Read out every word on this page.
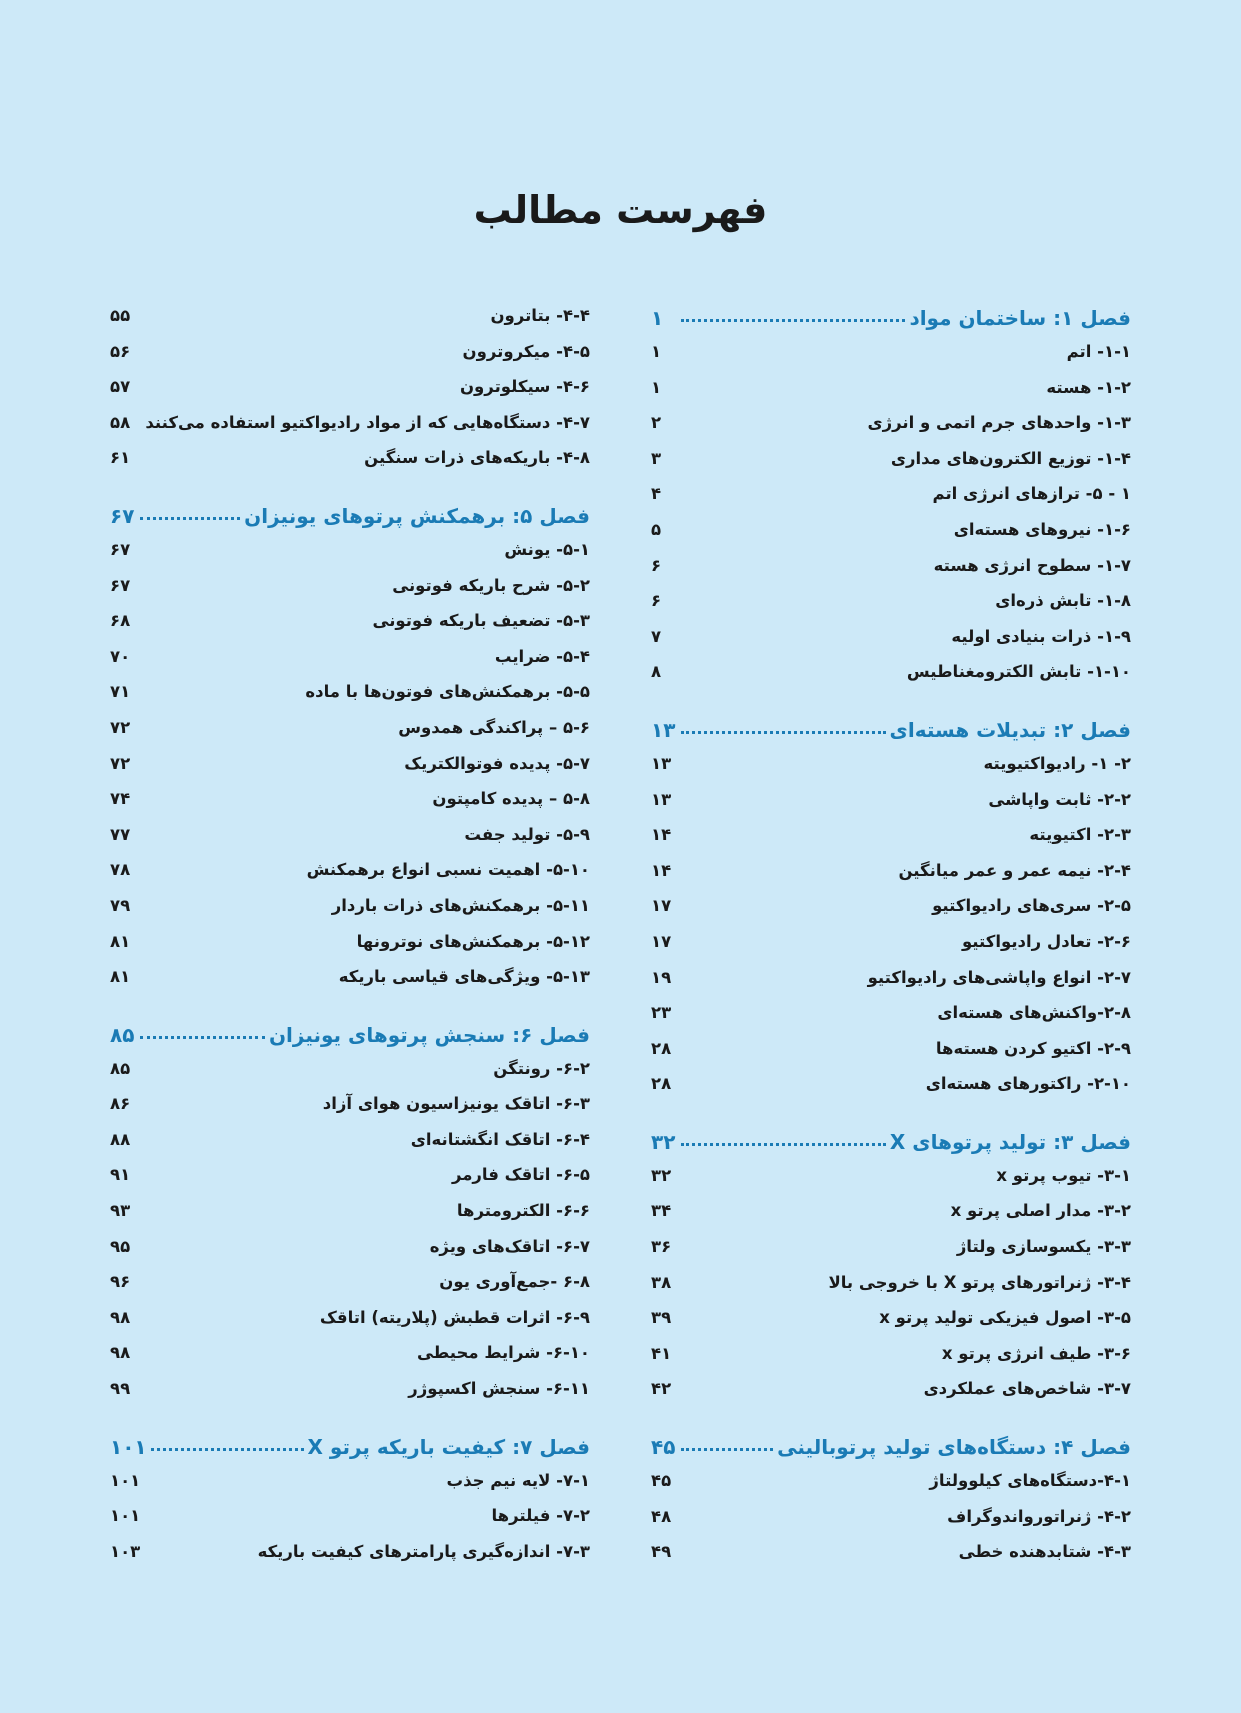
فهرست مطالب
فصل ۱: ساختمان مواد
۱
۱-۱- اتم
۱
۱-۲- هسته
۱
۱-۳- واحدهای جرم اتمی و انرژی
۲
۱-۴- توزیع الکترون‌های مداری
۳
۱ - ۵- ترازهای انرژی اتم
۴
۱-۶- نیروهای هسته‌ای
۵
۱-۷- سطوح انرژی هسته
۶
۱-۸- تابش ذره‌ای
۶
۱-۹- ذرات بنیادی اولیه
۷
۱-۱۰- تابش الکترومغناطیس
۸
فصل ۲: تبدیلات هسته‌ای
۱۳
۲- ۱- رادیواکتیویته
۱۳
۲-۲- ثابت واپاشی
۱۳
۲-۳- اکتیویته
۱۴
۲-۴- نیمه عمر و عمر میانگین
۱۴
۲-۵- سری‌های رادیواکتیو
۱۷
۲-۶- تعادل رادیواکتیو
۱۷
۲-۷- انواع واپاشی‌های رادیواکتیو
۱۹
۲-۸-واکنش‌های هسته‌ای
۲۳
۲-۹- اکتیو کردن هسته‌ها
۲۸
۲-۱۰- راکتورهای هسته‌ای
۲۸
فصل ۳: تولید پرتوهای X
۳۲
۳-۱- تیوب پرتو x
۳۲
۳-۲- مدار اصلی پرتو x
۳۴
۳-۳- یکسوسازی ولتاژ
۳۶
۳-۴- ژنراتورهای پرتو X با خروجی بالا
۳۸
۳-۵- اصول فیزیکی تولید پرتو x
۳۹
۳-۶- طیف انرژی پرتو x
۴۱
۳-۷- شاخص‌های عملکردی
۴۲
فصل ۴: دستگاه‌های تولید پرتوبالینی
۴۵
۴-۱-دستگاه‌های کیلوولتاژ
۴۵
۴-۲- ژنراتورواندوگراف
۴۸
۴-۳- شتابدهنده خطی
۴۹
۴-۴- بتاترون
۵۵
۴-۵- میکروترون
۵۶
۴-۶- سیکلوترون
۵۷
۴-۷- دستگاه‌هایی که از مواد رادیواکتیو استفاده می‌کنند
۵۸
۴-۸- باریکه‌های ذرات سنگین
۶۱
فصل ۵: برهمکنش پرتوهای یونیزان
۶۷
۵-۱- یونش
۶۷
۵-۲- شرح باریکه فوتونی
۶۷
۵-۳- تضعیف باریکه فوتونی
۶۸
۵-۴- ضرایب
۷۰
۵-۵- برهمکنش‌های فوتون‌ها با ماده
۷۱
۵-۶ – پراکندگی همدوس
۷۲
۵-۷- پدیده فوتوالکتریک
۷۲
۵-۸ – پدیده کامپتون
۷۴
۵-۹- تولید جفت
۷۷
۵-۱۰- اهمیت نسبی انواع برهمکنش
۷۸
۵-۱۱- برهمکنش‌های ذرات باردار
۷۹
۵-۱۲- برهمکنش‌های نوترونها
۸۱
۵-۱۳- ویژگی‌های قیاسی باریکه
۸۱
فصل ۶: سنجش پرتوهای یونیزان
۸۵
۶-۲- رونتگن
۸۵
۶-۳- اتاقک یونیزاسیون هوای آزاد
۸۶
۶-۴- اتاقک انگشتانه‌ای
۸۸
۶-۵- اتاقک فارمر
۹۱
۶-۶- الکترومترها
۹۳
۶-۷- اتاقک‌های ویژه
۹۵
۶-۸ -جمع‌آوری یون
۹۶
۶-۹- اثرات قطبش (پلاریته) اتاقک
۹۸
۶-۱۰- شرایط محیطی
۹۸
۶-۱۱- سنجش اکسپوژر
۹۹
فصل ۷: کیفیت باریکه پرتو X
۱۰۱
۷-۱- لایه نیم جذب
۱۰۱
۷-۲- فیلترها
۱۰۱
۷-۳- اندازه‌گیری پارامترهای کیفیت باریکه
۱۰۳
